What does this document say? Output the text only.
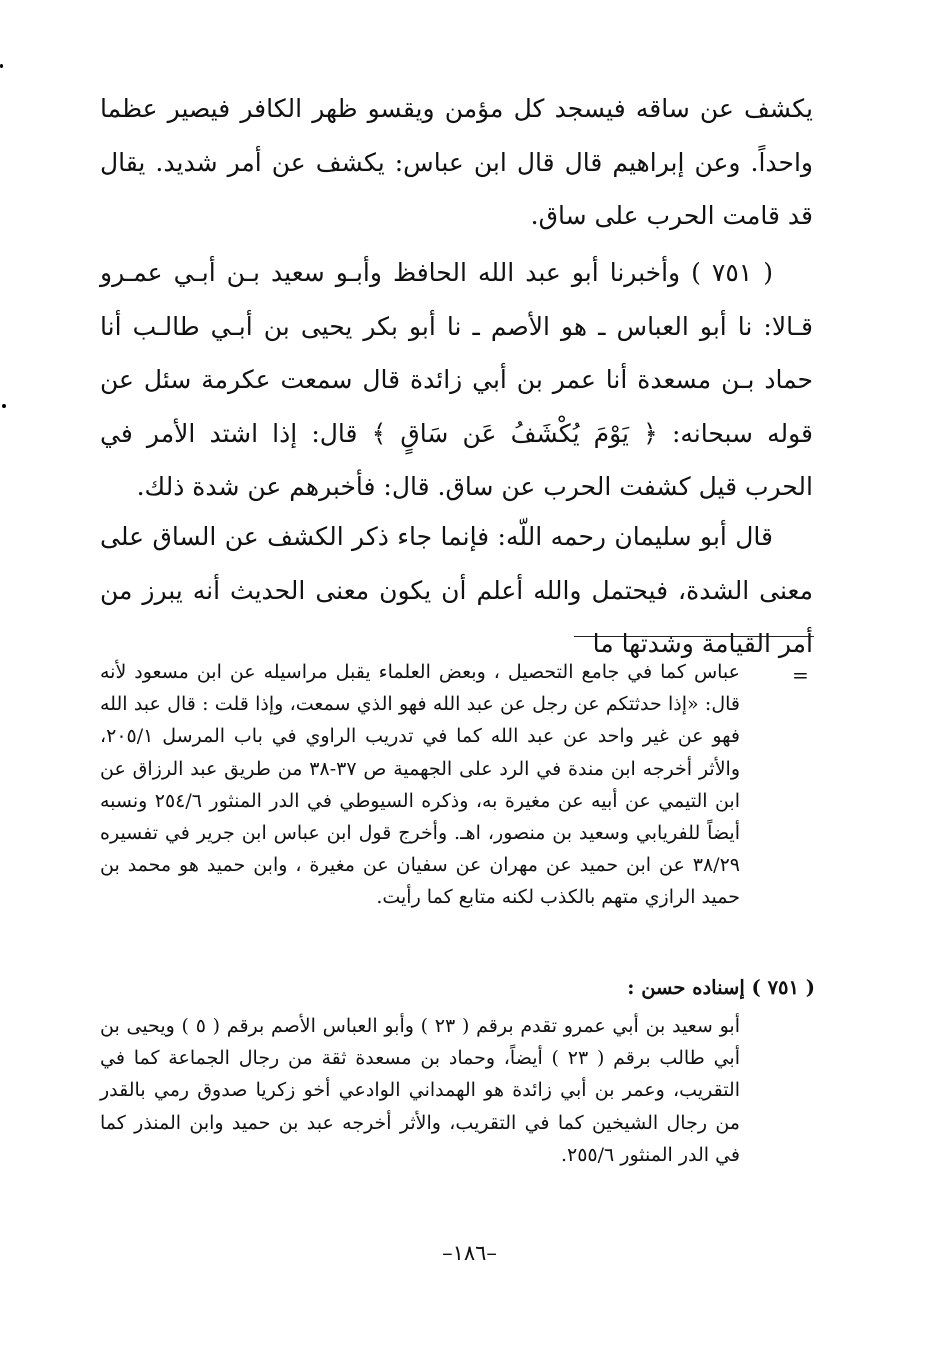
يكشف عن ساقه فيسجد كل مؤمن ويقسو ظهر الكافر فيصير عظما واحداً. وعن إبراهيم قال قال ابن عباس: يكشف عن أمر شديد. يقال قد قامت الحرب على ساق.

( ٧٥١ ) وأخبرنا أبو عبد الله الحافظ وأبـو سعيد بـن أبـي عمـرو قـالا: نا أبو العباس ـ هو الأصم ـ نا أبو بكر يحيى بن أبـي طالـب أنا حماد بـن مسعدة أنا عمر بن أبي زائدة قال سمعت عكرمة سئل عن قوله سبحانه: ﴿ يَوْمَ يُكْشَفُ عَن سَاقٍ ﴾ قال: إذا اشتد الأمر في الحرب قيل كشفت الحرب عن ساق. قال: فأخبرهم عن شدة ذلك.

قال أبو سليمان رحمه اللّه: فإنما جاء ذكر الكشف عن الساق على معنى الشدة، فيحتمل والله أعلم أن يكون معنى الحديث أنه يبرز من أمر القيامة وشدتها ما

=

عباس كما في جامع التحصيل ، وبعض العلماء يقبل مراسيله عن ابن مسعود لأنه قال: «إذا حدثتكم عن رجل عن عبد الله فهو الذي سمعت، وإذا قلت : قال عبد الله فهو عن غير واحد عن عبد الله كما في تدريب الراوي في باب المرسل ٢٠٥/١، والأثر أخرجه ابن مندة في الرد على الجهمية ص ٣٧-٣٨ من طريق عبد الرزاق عن ابن التيمي عن أبيه عن مغيرة به، وذكره السيوطي في الدر المنثور ٢٥٤/٦ ونسبه أيضاً للفريابي وسعيد بن منصور، اهـ. وأخرج قول ابن عباس ابن جرير في تفسيره ٣٨/٢٩ عن ابن حميد عن مهران عن سفيان عن مغيرة ، وابن حميد هو محمد بن حميد الرازي متهم بالكذب لكنه متابع كما رأيت.

( ٧٥١ ) إسناده حسن :

أبو سعيد بن أبي عمرو تقدم برقم ( ٢٣ ) وأبو العباس الأصم برقم ( ٥ ) ويحيى بن أبي طالب برقم ( ٢٣ ) أيضاً، وحماد بن مسعدة ثقة من رجال الجماعة كما في التقريب، وعمر بن أبي زائدة هو الهمداني الوادعي أخو زكريا صدوق رمي بالقدر من رجال الشيخين كما في التقريب، والأثر أخرجه عبد بن حميد وابن المنذر كما في الدر المنثور ٢٥٥/٦.

–١٨٦–
